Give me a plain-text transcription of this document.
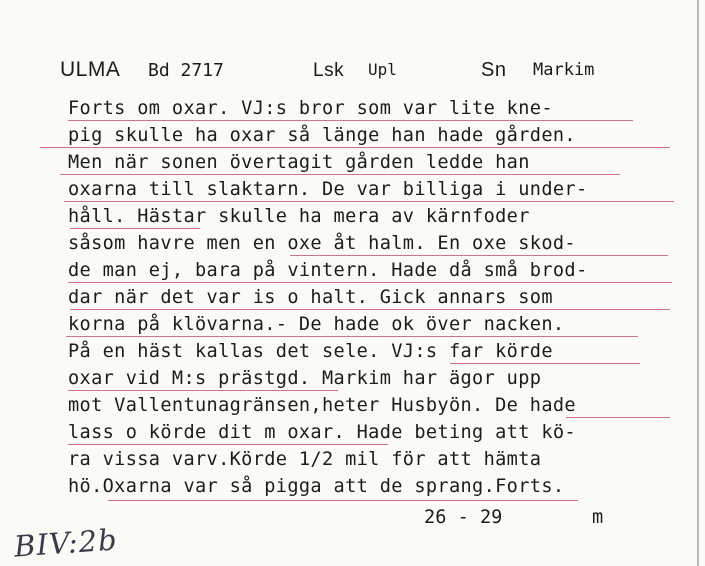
ULMA Bd 2717	Lsk Upl	Sn Markim
Forts om oxar. VJ:s bror som var lite kne-
pig skulle ha oxar så länge han hade gården.
Men när sonen övertagit gården ledde han
oxarna till slaktarn. De var billiga i under-
håll. Hästar skulle ha mera av kärnfoder
såsom havre men en oxe åt halm. En oxe skod-
de man ej, bara på vintern. Hade då små brod-
dar när det var is o halt. Gick annars som
korna på klövarna.- De hade ok över nacken.
På en häst kallas det sele. VJ:s far körde
oxar vid M:s prästgd. Markim har ägor upp
mot Vallentunagränsen,heter Husbyön. De hade
lass o körde dit m oxar. Hade beting att kö-
ra vissa varv.Körde 1/2 mil för att hämta
hö.Oxarna var så pigga att de sprang.Forts.
26 - 29	m
BIV:2b
